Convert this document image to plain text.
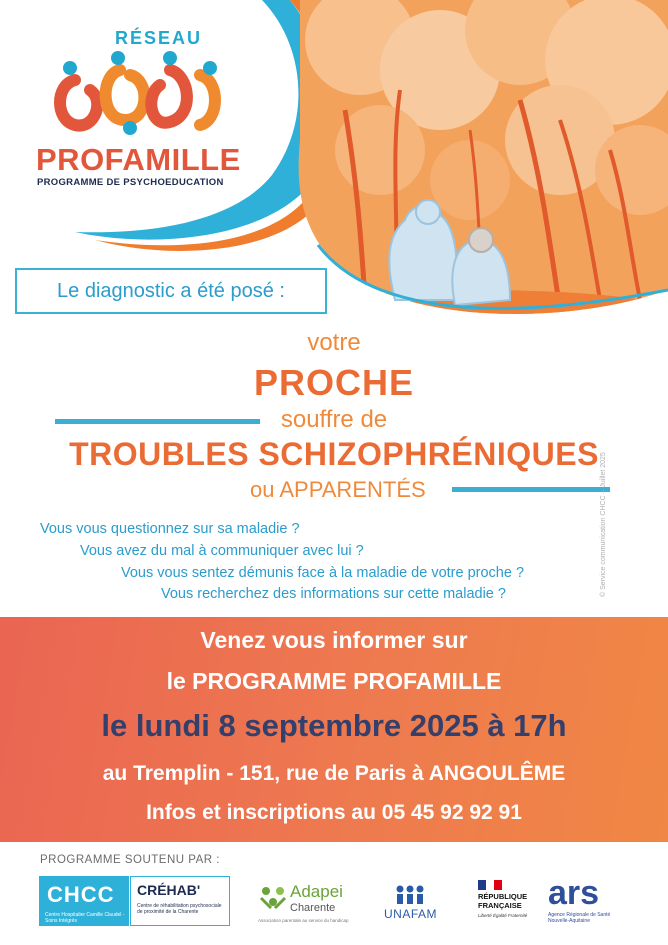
RÉSEAU
PROFAMILLE
PROGRAMME DE PSYCHOEDUCATION
Le diagnostic a été posé :
votre
PROCHE
souffre de
TROUBLES SCHIZOPHRÉNIQUES
ou APPARENTÉS
Vous vous questionnez sur sa maladie ?
Vous avez du mal à communiquer avec lui ?
Vous vous sentez démunis face à la maladie de votre proche ?
Vous recherchez des informations sur cette maladie ?	© Service communication CHCC – Juillet 2025
Venez vous informer sur
le PROGRAMME PROFAMILLE
le lundi 8 septembre 2025 à 17h
au Tremplin - 151, rue de Paris à ANGOULÊME
Infos et inscriptions au 05 45 92 92 91
PROGRAMME SOUTENU PAR :
CHCC
Centre Hospitalier Camille Claudel - Soins Intégrés
CRÉHAB'
Centre de réhabilitation psychosociale de proximité de la Charente
Adapei
Charente
Association parentale au service du handicap	UNAFAM
RÉPUBLIQUE FRANÇAISE
Liberté Égalité Fraternité
ars
Agence Régionale de Santé Nouvelle-Aquitaine
